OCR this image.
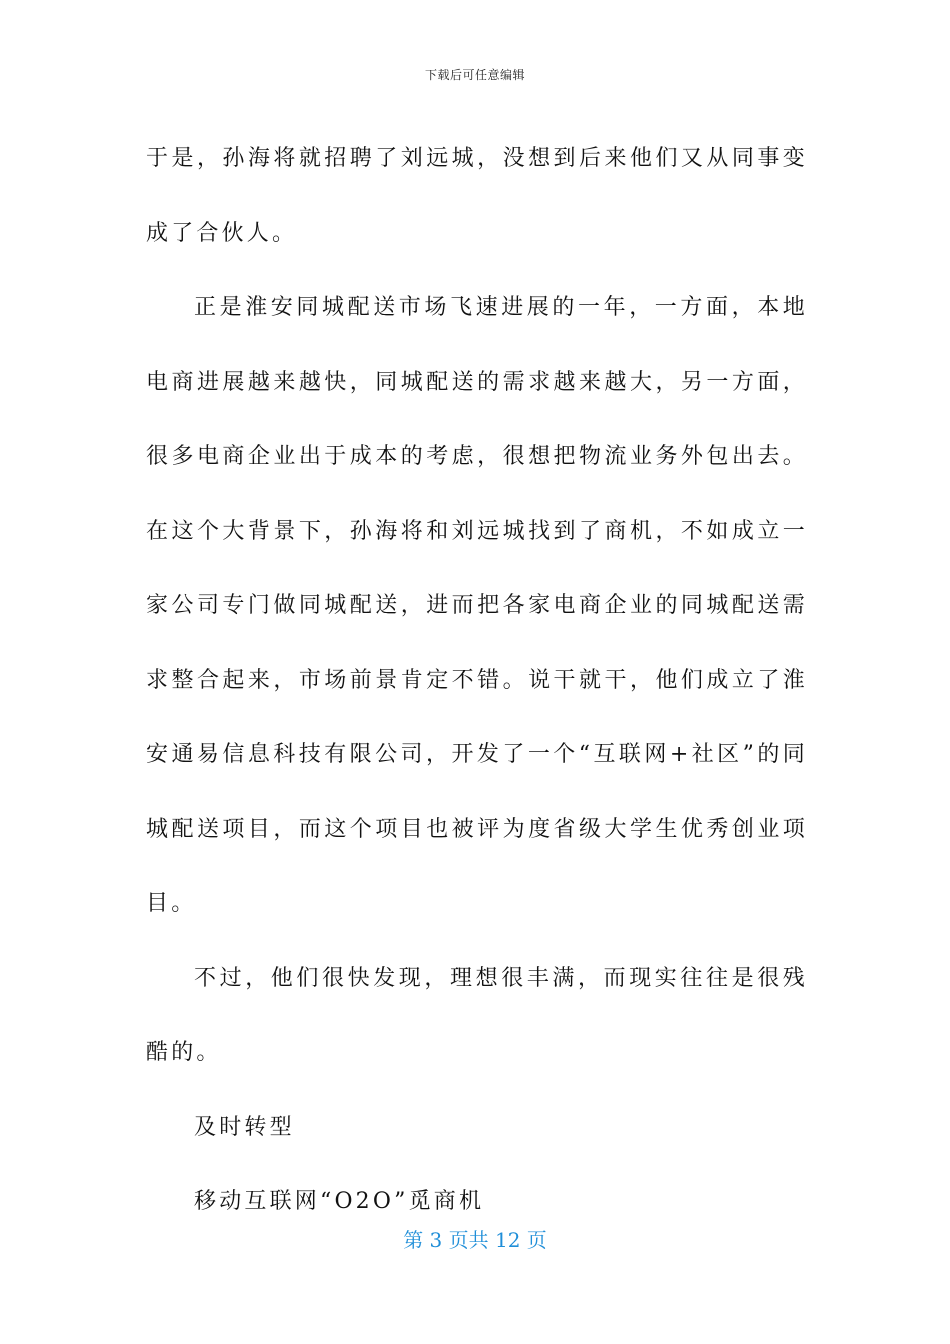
下载后可任意编辑

于是，孙海将就招聘了刘远城，没想到后来他们又从同事变成了合伙人。

正是淮安同城配送市场飞速进展的一年，一方面，本地电商进展越来越快，同城配送的需求越来越大，另一方面，很多电商企业出于成本的考虑，很想把物流业务外包出去。在这个大背景下，孙海将和刘远城找到了商机，不如成立一家公司专门做同城配送，进而把各家电商企业的同城配送需求整合起来，市场前景肯定不错。说干就干，他们成立了淮安通易信息科技有限公司，开发了一个“互联网+社区”的同城配送项目，而这个项目也被评为度省级大学生优秀创业项目。

不过，他们很快发现，理想很丰满，而现实往往是很残酷的。

及时转型

移动互联网“O2O”觅商机

第 3 页共 12 页
